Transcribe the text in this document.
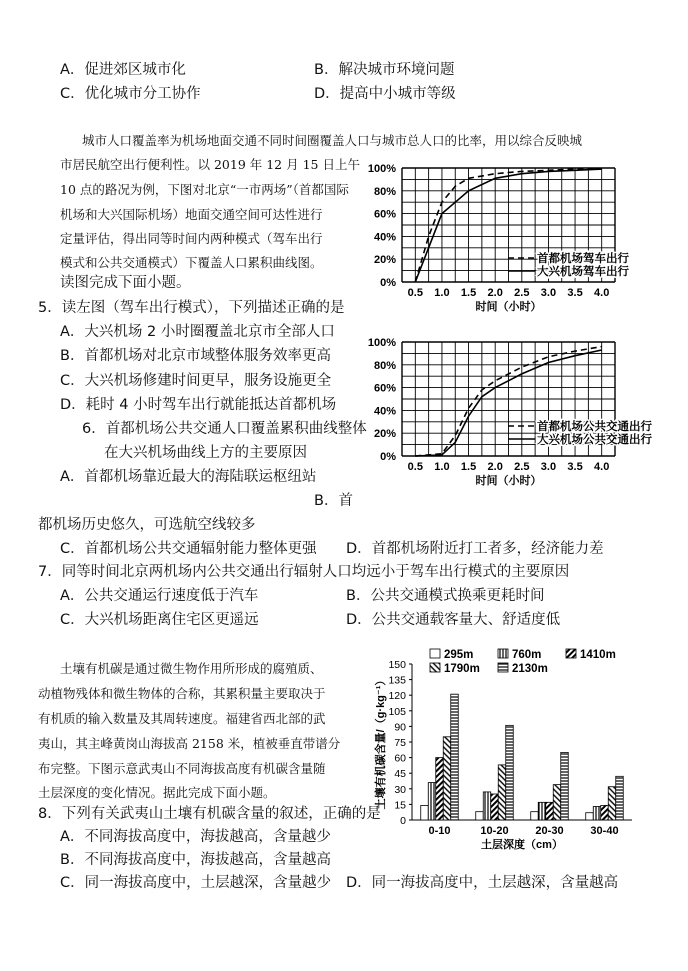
A．促进郊区城市化	B．解决城市环境问题
C．优化城市分工协作	D．提高中小城市等级
城市人口覆盖率为机场地面交通不同时间圈覆盖人口与城市总人口的比率，用以综合反映城
市居民航空出行便利性。以 2019 年 12 月 15 日上午
10 点的路况为例，下图对北京“一市两场”（首都国际
机场和大兴国际机场）地面交通空间可达性进行
定量评估，得出同等时间内两种模式（驾车出行
模式和公共交通模式）下覆盖人口累积曲线图。
读图完成下面小题。
5．读左图（驾车出行模式），下列描述正确的是
A．大兴机场 2 小时圈覆盖北京市全部人口
B．首都机场对北京市域整体服务效率更高
C．大兴机场修建时间更早，服务设施更全
D．耗时 4 小时驾车出行就能抵达首都机场
6．首都机场公共交通人口覆盖累积曲线整体
在大兴机场曲线上方的主要原因
A．首都机场靠近最大的海陆联运枢纽站
B．首
都机场历史悠久，可选航空线较多
C．首都机场公共交通辐射能力整体更强 D．首都机场附近打工者多，经济能力差
7．同等时间北京两机场内公共交通出行辐射人口均远小于驾车出行模式的主要原因
A．公共交通运行速度低于汽车	B．公共交通模式换乘更耗时间
C．大兴机场距离住宅区更遥远	D．公共交通载客量大、舒适度低
土壤有机碳是通过微生物作用所形成的腐殖质、
动植物残体和微生物体的合称，其累积量主要取决于
有机质的输入数量及其周转速度。福建省西北部的武
夷山，其主峰黄岗山海拔高 2158 米，植被垂直带谱分
布完整。下图示意武夷山不同海拔高度有机碳含量随
土层深度的变化情况。据此完成下面小题。
8．下列有关武夷山土壤有机碳含量的叙述，正确的是
A．不同海拔高度中，海拔越高，含量越少
B．不同海拔高度中，海拔越高，含量越高
C．同一海拔高度中，土层越深，含量越少 D．同一海拔高度中，土层越深，含量越高
0%
20%
40%
60%
80%
100%
0.5 1.0 1.5 2.0 2.5 3.0 3.5 4.0
时间（小时）
首都机场驾车出行
大兴机场驾车出行
0%
20%
40%
60%
80%
100%
0.5 1.0 1.5 2.0 2.5 3.0 3.5 4.0
时间（小时）
首都机场公共交通出行
大兴机场公共交通出行
0
15
30
45
60
75
90
105
120
135
150
土壤有机碳含量/（g·kg⁻¹）
0-10	10-20 20-30 30-40
土层深度（cm）
295m	760m	1410m
1790m	2130m
